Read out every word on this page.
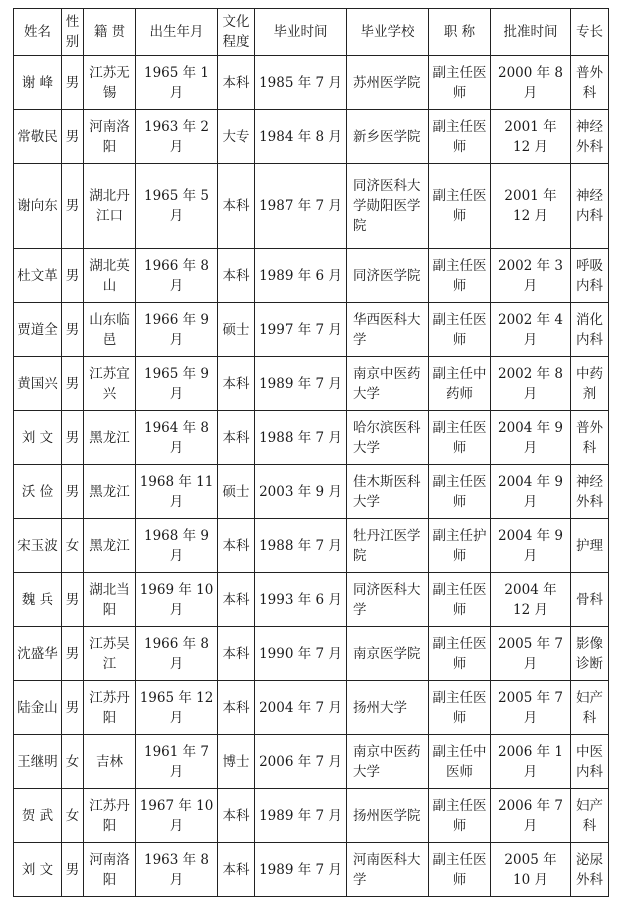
姓名	性别	籍 贯	出生年月	文化程度	毕业时间	毕业学校	职 称	批准时间	专长
谢 峰	男	江苏无锡	1965 年 1 月	本科	1985 年 7 月	苏州医学院	副主任医师	2000 年 8 月	普外科
常敬民	男	河南洛阳	1963 年 2 月	大专	1984 年 8 月	新乡医学院	副主任医师	2001 年 12 月	神经外科
谢向东	男	湖北丹江口	1965 年 5 月	本科	1987 年 7 月	同济医科大学勋阳医学院	副主任医师	2001 年 12 月	神经内科
杜文革	男	湖北英山	1966 年 8 月	本科	1989 年 6 月	同济医学院	副主任医师	2002 年 3 月	呼吸内科
贾道全	男	山东临邑	1966 年 9 月	硕士	1997 年 7 月	华西医科大学	副主任医师	2002 年 4 月	消化内科
黄国兴	男	江苏宜兴	1965 年 9 月	本科	1989 年 7 月	南京中医药大学	副主任中药师	2002 年 8 月	中药剂
刘 文	男	黑龙江	1964 年 8 月	本科	1988 年 7 月	哈尔滨医科大学	副主任医师	2004 年 9 月	普外科
沃 俭	男	黑龙江	1968 年 11 月	硕士	2003 年 9 月	佳木斯医科大学	副主任医师	2004 年 9 月	神经外科
宋玉波	女	黑龙江	1968 年 9 月	本科	1988 年 7 月	牡丹江医学院	副主任护师	2004 年 9 月	护理
魏 兵	男	湖北当阳	1969 年 10 月	本科	1993 年 6 月	同济医科大学	副主任医师	2004 年 12 月	骨科
沈盛华	男	江苏吴江	1966 年 8 月	本科	1990 年 7 月	南京医学院	副主任医师	2005 年 7 月	影像诊断
陆金山	男	江苏丹阳	1965 年 12 月	本科	2004 年 7 月	扬州大学	副主任医师	2005 年 7 月	妇产科
王继明	女	吉林	1961 年 7 月	博士	2006 年 7 月	南京中医药大学	副主任中医师	2006 年 1 月	中医内科
贺 武	女	江苏丹阳	1967 年 10 月	本科	1989 年 7 月	扬州医学院	副主任医师	2006 年 7 月	妇产科
刘 文	男	河南洛阳	1963 年 8 月	本科	1989 年 7 月	河南医科大学	副主任医师	2005 年 10 月	泌尿外科
